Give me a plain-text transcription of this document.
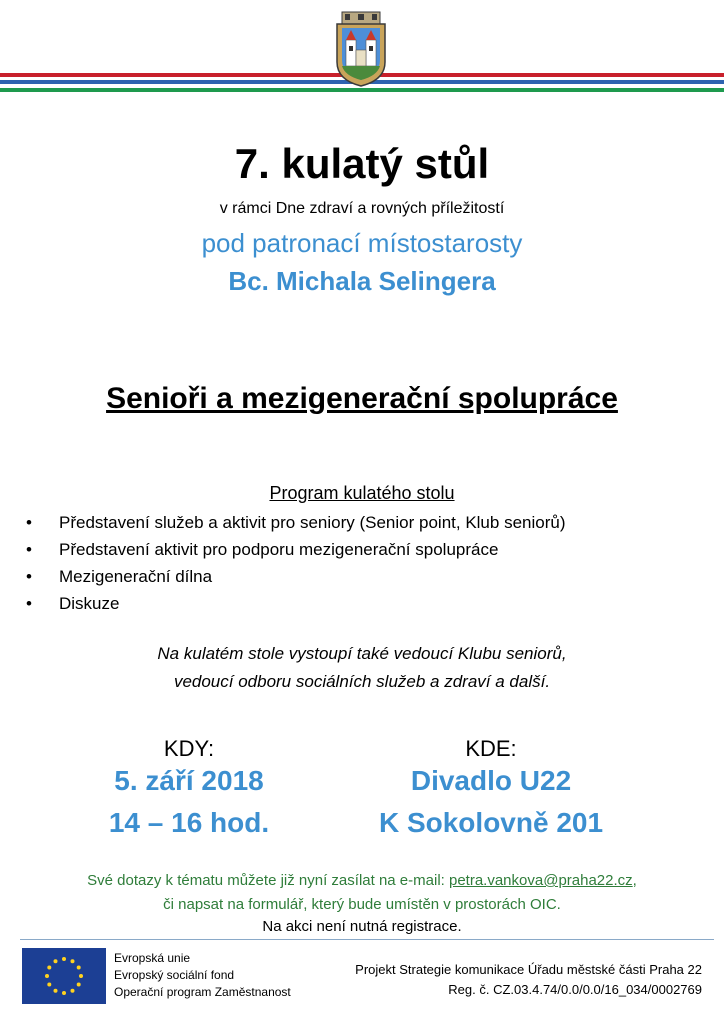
7. kulatý stůl
v rámci Dne zdraví a rovných příležitostí
pod patronací místostarosty
Bc. Michala Selingera
Senioři a mezigenerační spolupráce
Program kulatého stolu
• Představení služeb a aktivit pro seniory (Senior point, Klub seniorů)
• Představení aktivit pro podporu mezigenerační spolupráce
• Mezigenerační dílna
• Diskuze
Na kulatém stole vystoupí také vedoucí Klubu seniorů,
vedoucí odboru sociálních služeb a zdraví a další.
KDY:	KDE:
5. září 2018	Divadlo U22
14 – 16 hod.	K Sokolovně 201
Své dotazy k tématu můžete již nyní zasílat na e-mail: petra.vankova@praha22.cz,
či napsat na formulář, který bude umístěn v prostorách OIC.
Na akci není nutná registrace.
Evropská unie
Evropský sociální fond
Operační program Zaměstnanost
Projekt Strategie komunikace Úřadu městské části Praha 22
Reg. č. CZ.03.4.74/0.0/0.0/16_034/0002769
